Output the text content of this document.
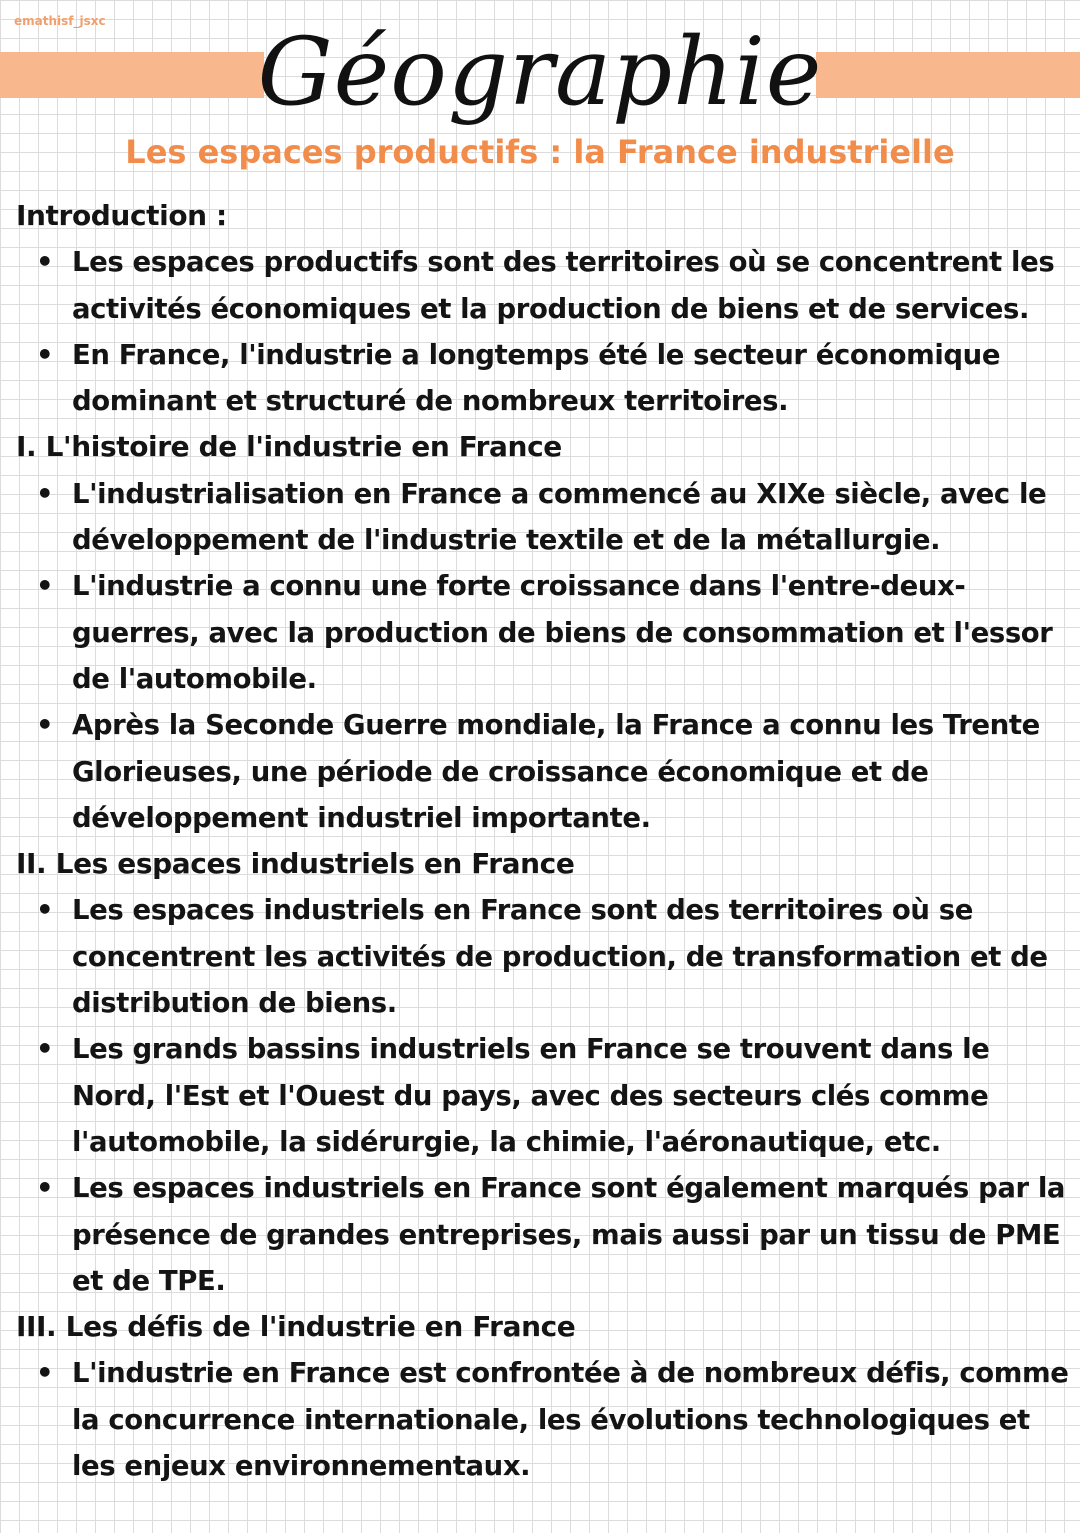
emathisf_jsxc	Géographie
Les espaces productifs : la France industrielle
Introduction :
• Les espaces productifs sont des territoires où se concentrent les activités économiques et la production de biens et de services.
• En France, l'industrie a longtemps été le secteur économique dominant et structuré de nombreux territoires.
I. L'histoire de l'industrie en France
• L'industrialisation en France a commencé au XIXe siècle, avec le développement de l'industrie textile et de la métallurgie.
• L'industrie a connu une forte croissance dans l'entre-deux-guerres, avec la production de biens de consommation et l'essor de l'automobile.
• Après la Seconde Guerre mondiale, la France a connu les Trente Glorieuses, une période de croissance économique et de développement industriel importante.
II. Les espaces industriels en France
• Les espaces industriels en France sont des territoires où se concentrent les activités de production, de transformation et de distribution de biens.
• Les grands bassins industriels en France se trouvent dans le Nord, l'Est et l'Ouest du pays, avec des secteurs clés comme l'automobile, la sidérurgie, la chimie, l'aéronautique, etc.
• Les espaces industriels en France sont également marqués par la présence de grandes entreprises, mais aussi par un tissu de PME et de TPE.
III. Les défis de l'industrie en France
• L'industrie en France est confrontée à de nombreux défis, comme la concurrence internationale, les évolutions technologiques et les enjeux environnementaux.
